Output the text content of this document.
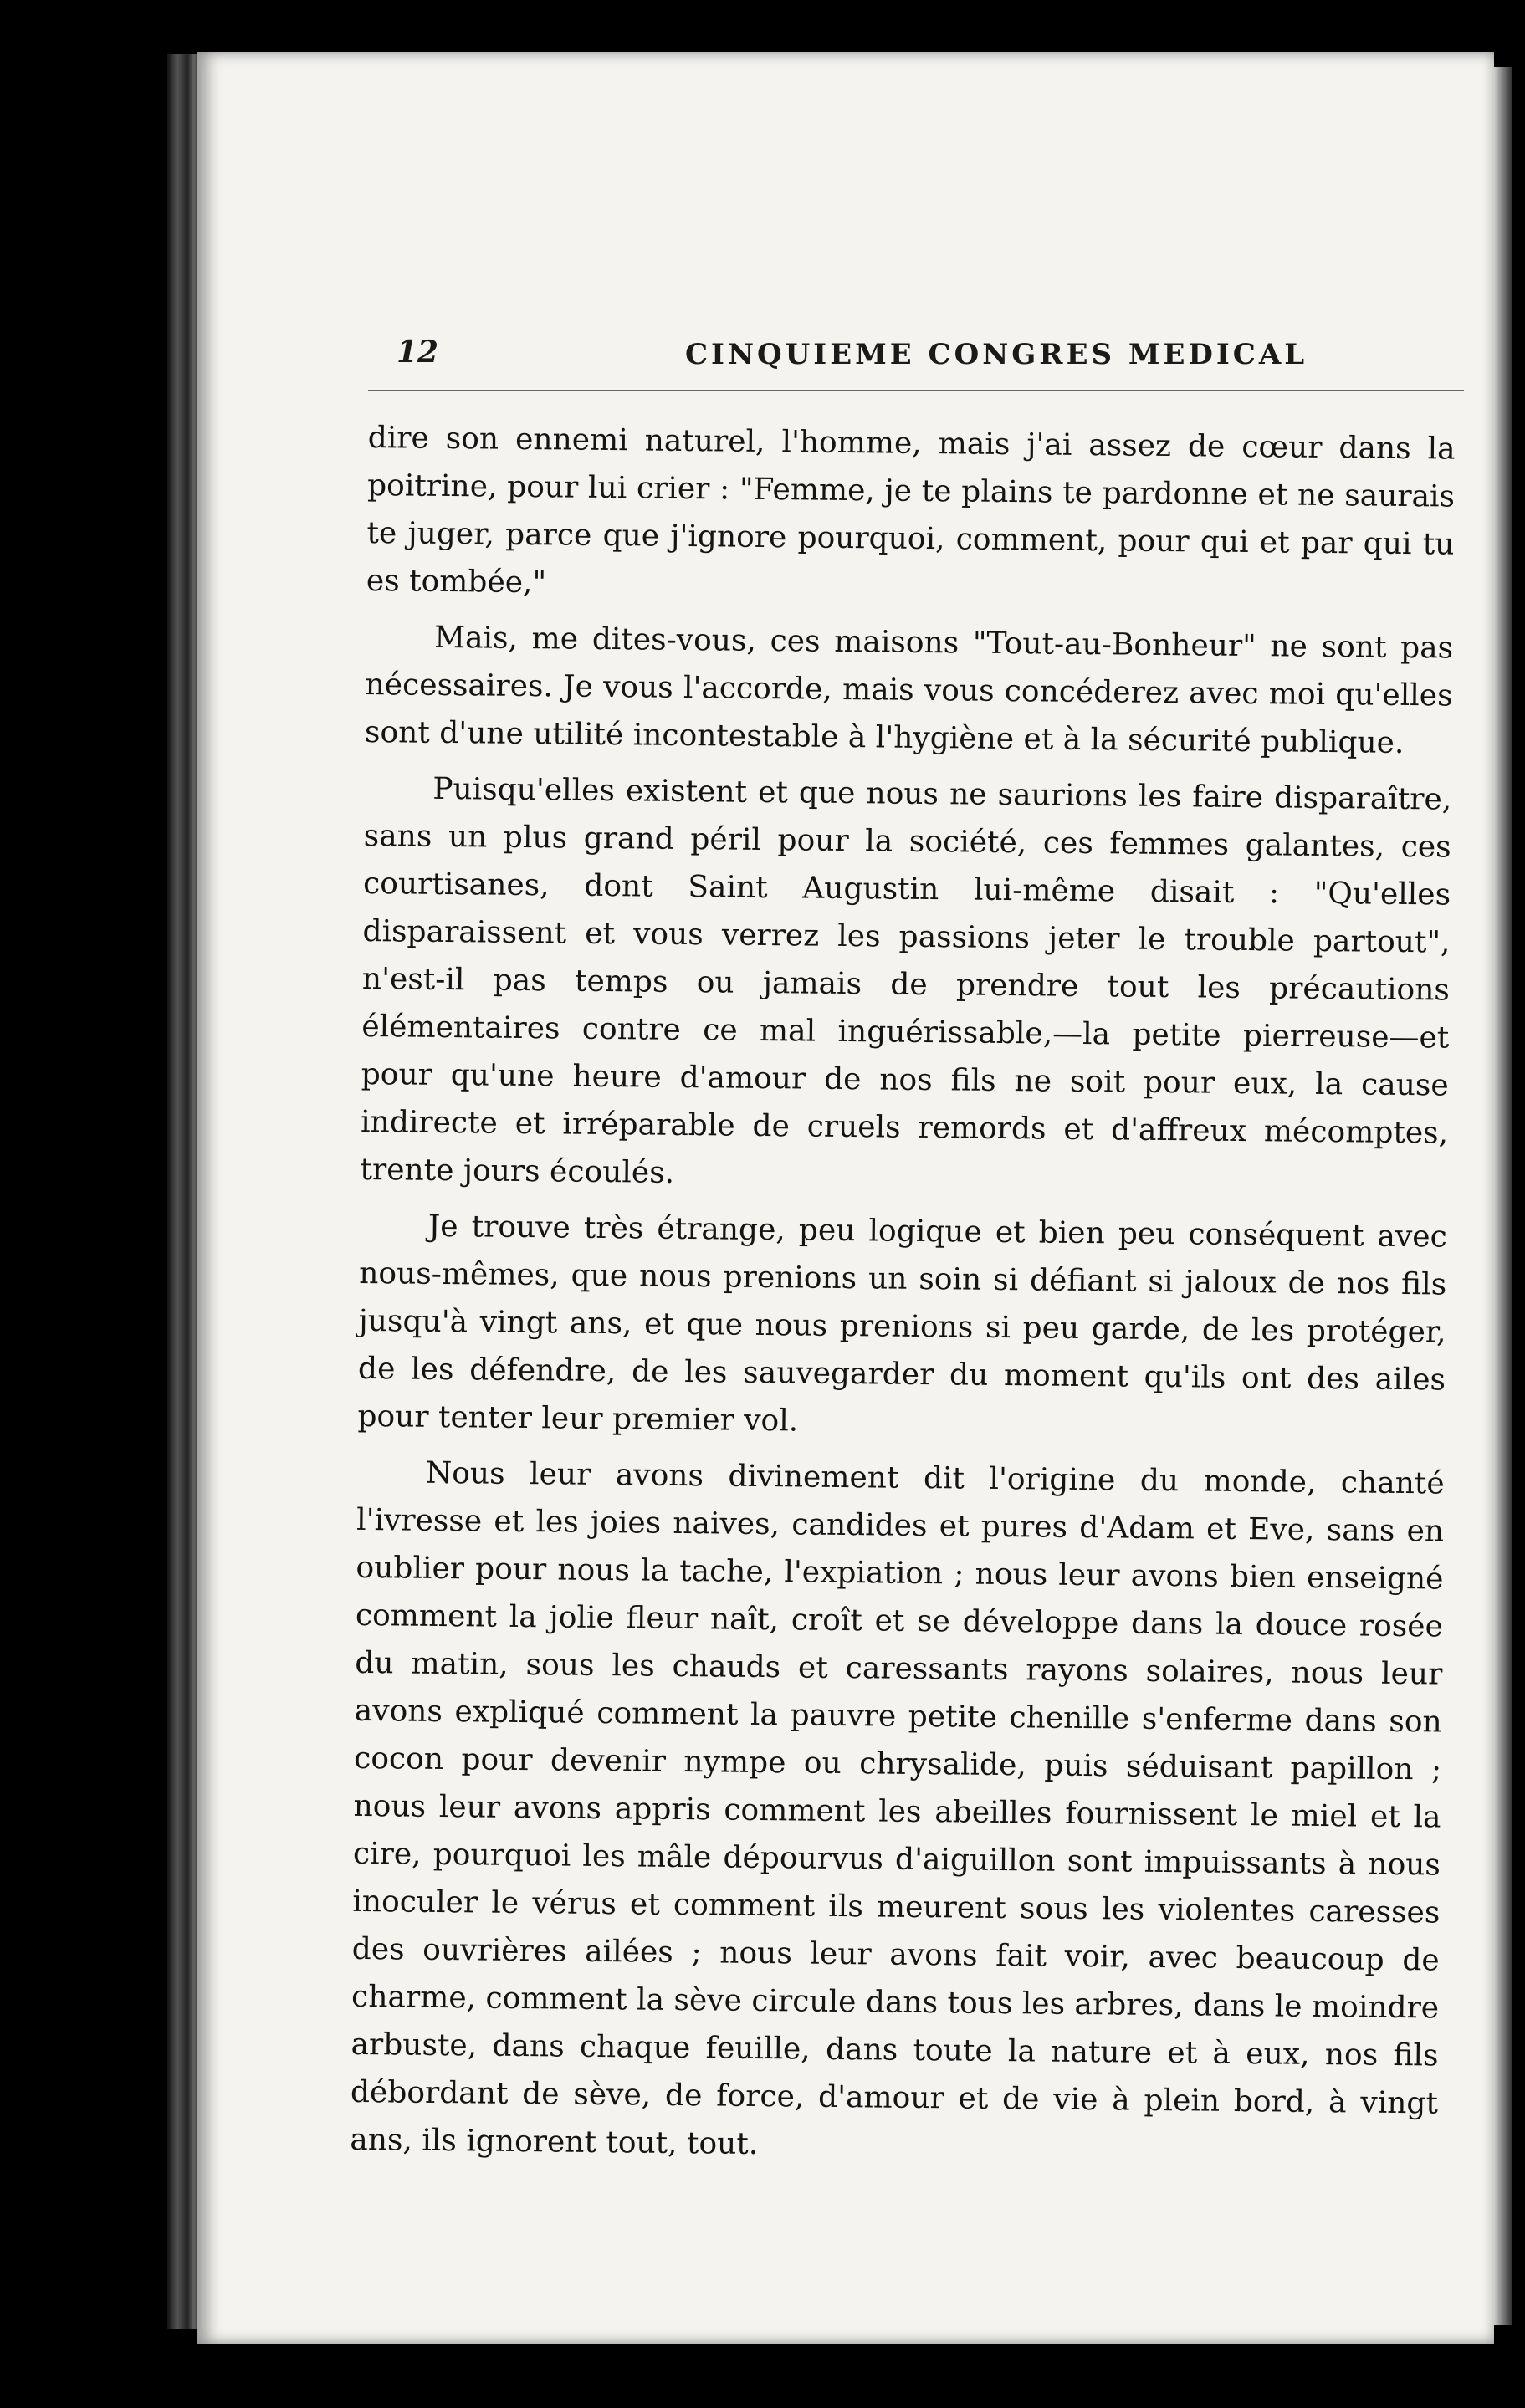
12	CINQUIEME CONGRES MEDICAL

dire son ennemi naturel, l'homme, mais j'ai assez de cœur dans la poitrine, pour lui crier : "Femme, je te plains te pardonne et ne saurais te juger, parce que j'ignore pourquoi, comment, pour qui et par qui tu es tombée,"

Mais, me dites-vous, ces maisons "Tout-au-Bonheur" ne sont pas nécessaires. Je vous l'accorde, mais vous concéderez avec moi qu'elles sont d'une utilité incontestable à l'hygiène et à la sécurité publique.

Puisqu'elles existent et que nous ne saurions les faire disparaître, sans un plus grand péril pour la société, ces femmes galantes, ces courtisanes, dont Saint Augustin lui-même disait : "Qu'elles disparaissent et vous verrez les passions jeter le trouble partout", n'est-il pas temps ou jamais de prendre tout les précautions élémentaires contre ce mal inguérissable,—la petite pierreuse—et pour qu'une heure d'amour de nos fils ne soit pour eux, la cause indirecte et irréparable de cruels remords et d'affreux mécomptes, trente jours écoulés.

Je trouve très étrange, peu logique et bien peu conséquent avec nous-mêmes, que nous prenions un soin si défiant si jaloux de nos fils jusqu'à vingt ans, et que nous prenions si peu garde, de les protéger, de les défendre, de les sauvegarder du moment qu'ils ont des ailes pour tenter leur premier vol.

Nous leur avons divinement dit l'origine du monde, chanté l'ivresse et les joies naives, candides et pures d'Adam et Eve, sans en oublier pour nous la tache, l'expiation ; nous leur avons bien enseigné comment la jolie fleur naît, croît et se développe dans la douce rosée du matin, sous les chauds et caressants rayons solaires, nous leur avons expliqué comment la pauvre petite chenille s'enferme dans son cocon pour devenir nympe ou chrysalide, puis séduisant papillon ; nous leur avons appris comment les abeilles fournissent le miel et la cire, pourquoi les mâle dépourvus d'aiguillon sont impuissants à nous inoculer le vérus et comment ils meurent sous les violentes caresses des ouvrières ailées ; nous leur avons fait voir, avec beaucoup de charme, comment la sève circule dans tous les arbres, dans le moindre arbuste, dans chaque feuille, dans toute la nature et à eux, nos fils débordant de sève, de force, d'amour et de vie à plein bord, à vingt ans, ils ignorent tout, tout.
